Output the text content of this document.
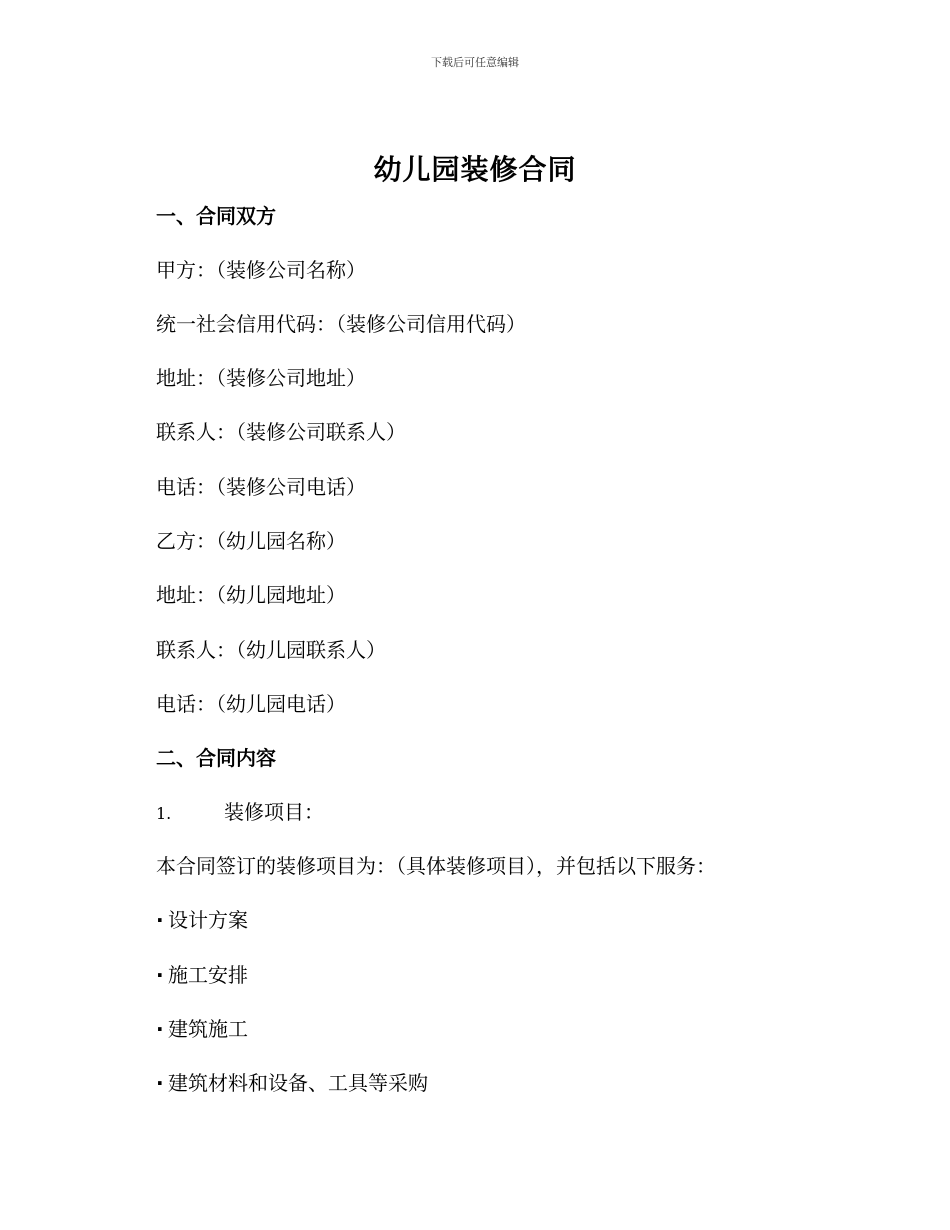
下载后可任意编辑
幼儿园装修合同
一、合同双方
甲方：（装修公司名称）
统一社会信用代码：（装修公司信用代码）
地址：（装修公司地址）
联系人：（装修公司联系人）
电话：（装修公司电话）
乙方：（幼儿园名称）
地址：（幼儿园地址）
联系人：（幼儿园联系人）
电话：（幼儿园电话）
二、合同内容
1.	装修项目：
本合同签订的装修项目为：（具体装修项目），并包括以下服务：
· 设计方案
· 施工安排
· 建筑施工
· 建筑材料和设备、工具等采购
